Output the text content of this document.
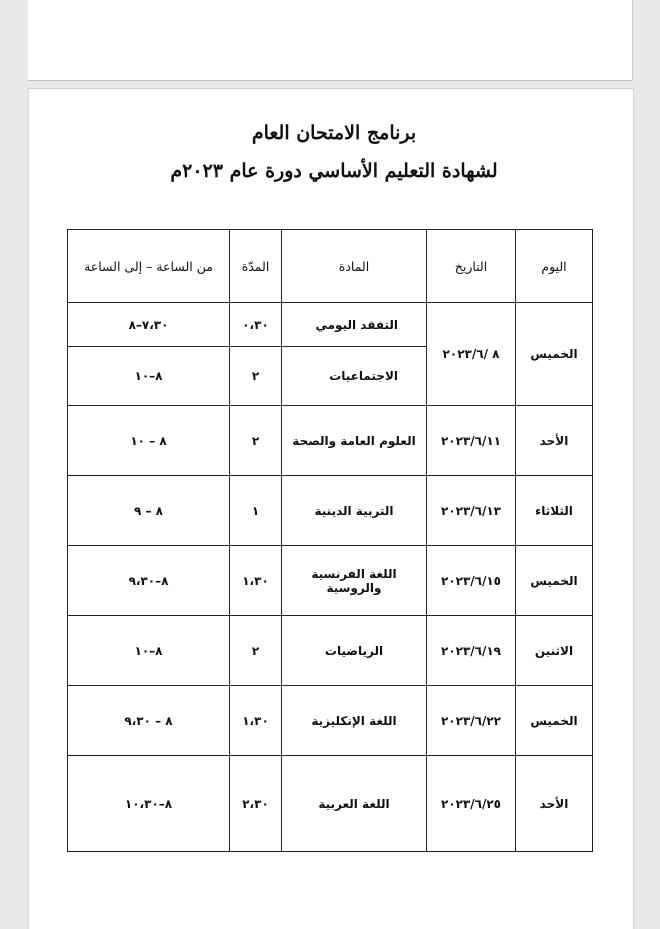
برنامج الامتحان العام
لشهادة التعليم الأساسي دورة عام ٢٠٢٣م
اليوم	التاريخ	المادة	المدّة	من الساعة – إلى الساعة
الخميس	٨ /٢٠٢٣/٦	التفقد اليومي	٠،٣٠	٧،٣٠–٨

		الاجتماعيات	٢	٨–١٠
الأحد	٢٠٢٣/٦/١١	العلوم العامة والصحة	٢	٨ – ١٠
الثلاثاء	٢٠٢٣/٦/١٣	التربية الدينية	١	٨ – ٩
الخميس	٢٠٢٣/٦/١٥	اللغة الفرنسية والروسية	١،٣٠	٨–٩،٣٠
الاثنين	٢٠٢٣/٦/١٩	الرياضيات	٢	٨–١٠
الخميس	٢٠٢٣/٦/٢٢	اللغة الإنكليزية	١،٣٠	٨ – ٩،٣٠
الأحد	٢٠٢٣/٦/٢٥	اللغة العربية	٢،٣٠	٨–١٠،٣٠
